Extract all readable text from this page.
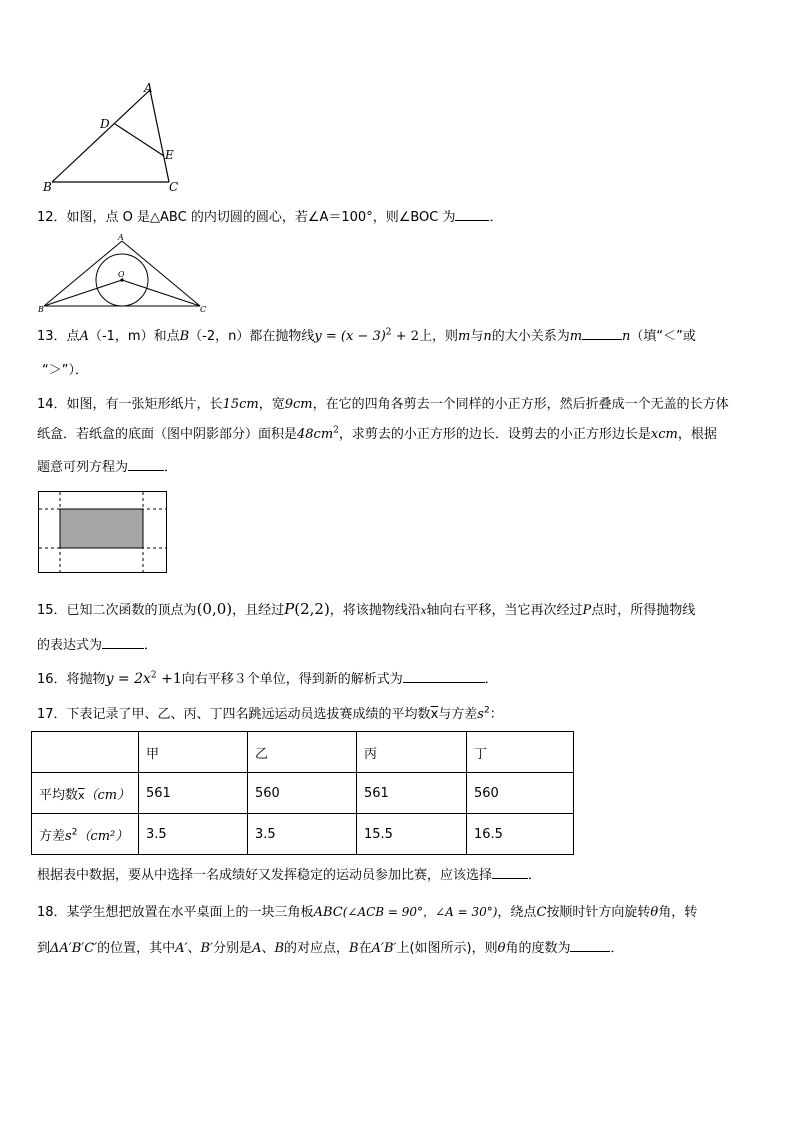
A
D
E
B	C
12．如图，点 O 是△ABC 的内切圆的圆心，若∠A＝100°，则∠BOC 为	．
A
O
B	C
13．点A（-1，m）和点B（-2，n）都在抛物线$y = (x - 3)^2 + 2$上，则m与n的大小关系为m	n（填“＜”或
“＞”）．
14．如图，有一张矩形纸片，长15cm，宽9cm，在它的四角各剪去一个同样的小正方形，然后折叠成一个无盖的长方体
纸盒．若纸盒的底面（图中阴影部分）面积是$48cm^2$，求剪去的小正方形的边长．设剪去的小正方形边长是xcm，根据
题意可列方程为	．
15．已知二次函数的顶点为(0,0)，且经过P(2,2)，将该抛物线沿x轴向右平移，当它再次经过P点时，所得抛物线
的表达式为	．
16．将抛物$y = 2x^2 +1$向右平移３个单位，得到新的解析式为	．
17．下表记录了甲、乙、丙、丁四名跳远运动员选拔赛成绩的平均数$\overline{x}$与方差$s^2$：
	甲	乙	丙	丁
平均数$\overline{x}(cm)$	561	560	561	560
方差$s^2(cm^2)$	3.5	3.5	15.5	16.5
根据表中数据，要从中选择一名成绩好又发挥稳定的运动员参加比赛，应该选择	．
18．某学生想把放置在水平桌面上的一块三角板ABC(∠ACB = 90°，∠A = 30°)，绕点C按顺时针方向旋转θ角，转
到ΔA′B′C′的位置，其中A′、B′分别是A、B的对应点，B在A′B′上(如图所示)，则θ角的度数为	．
